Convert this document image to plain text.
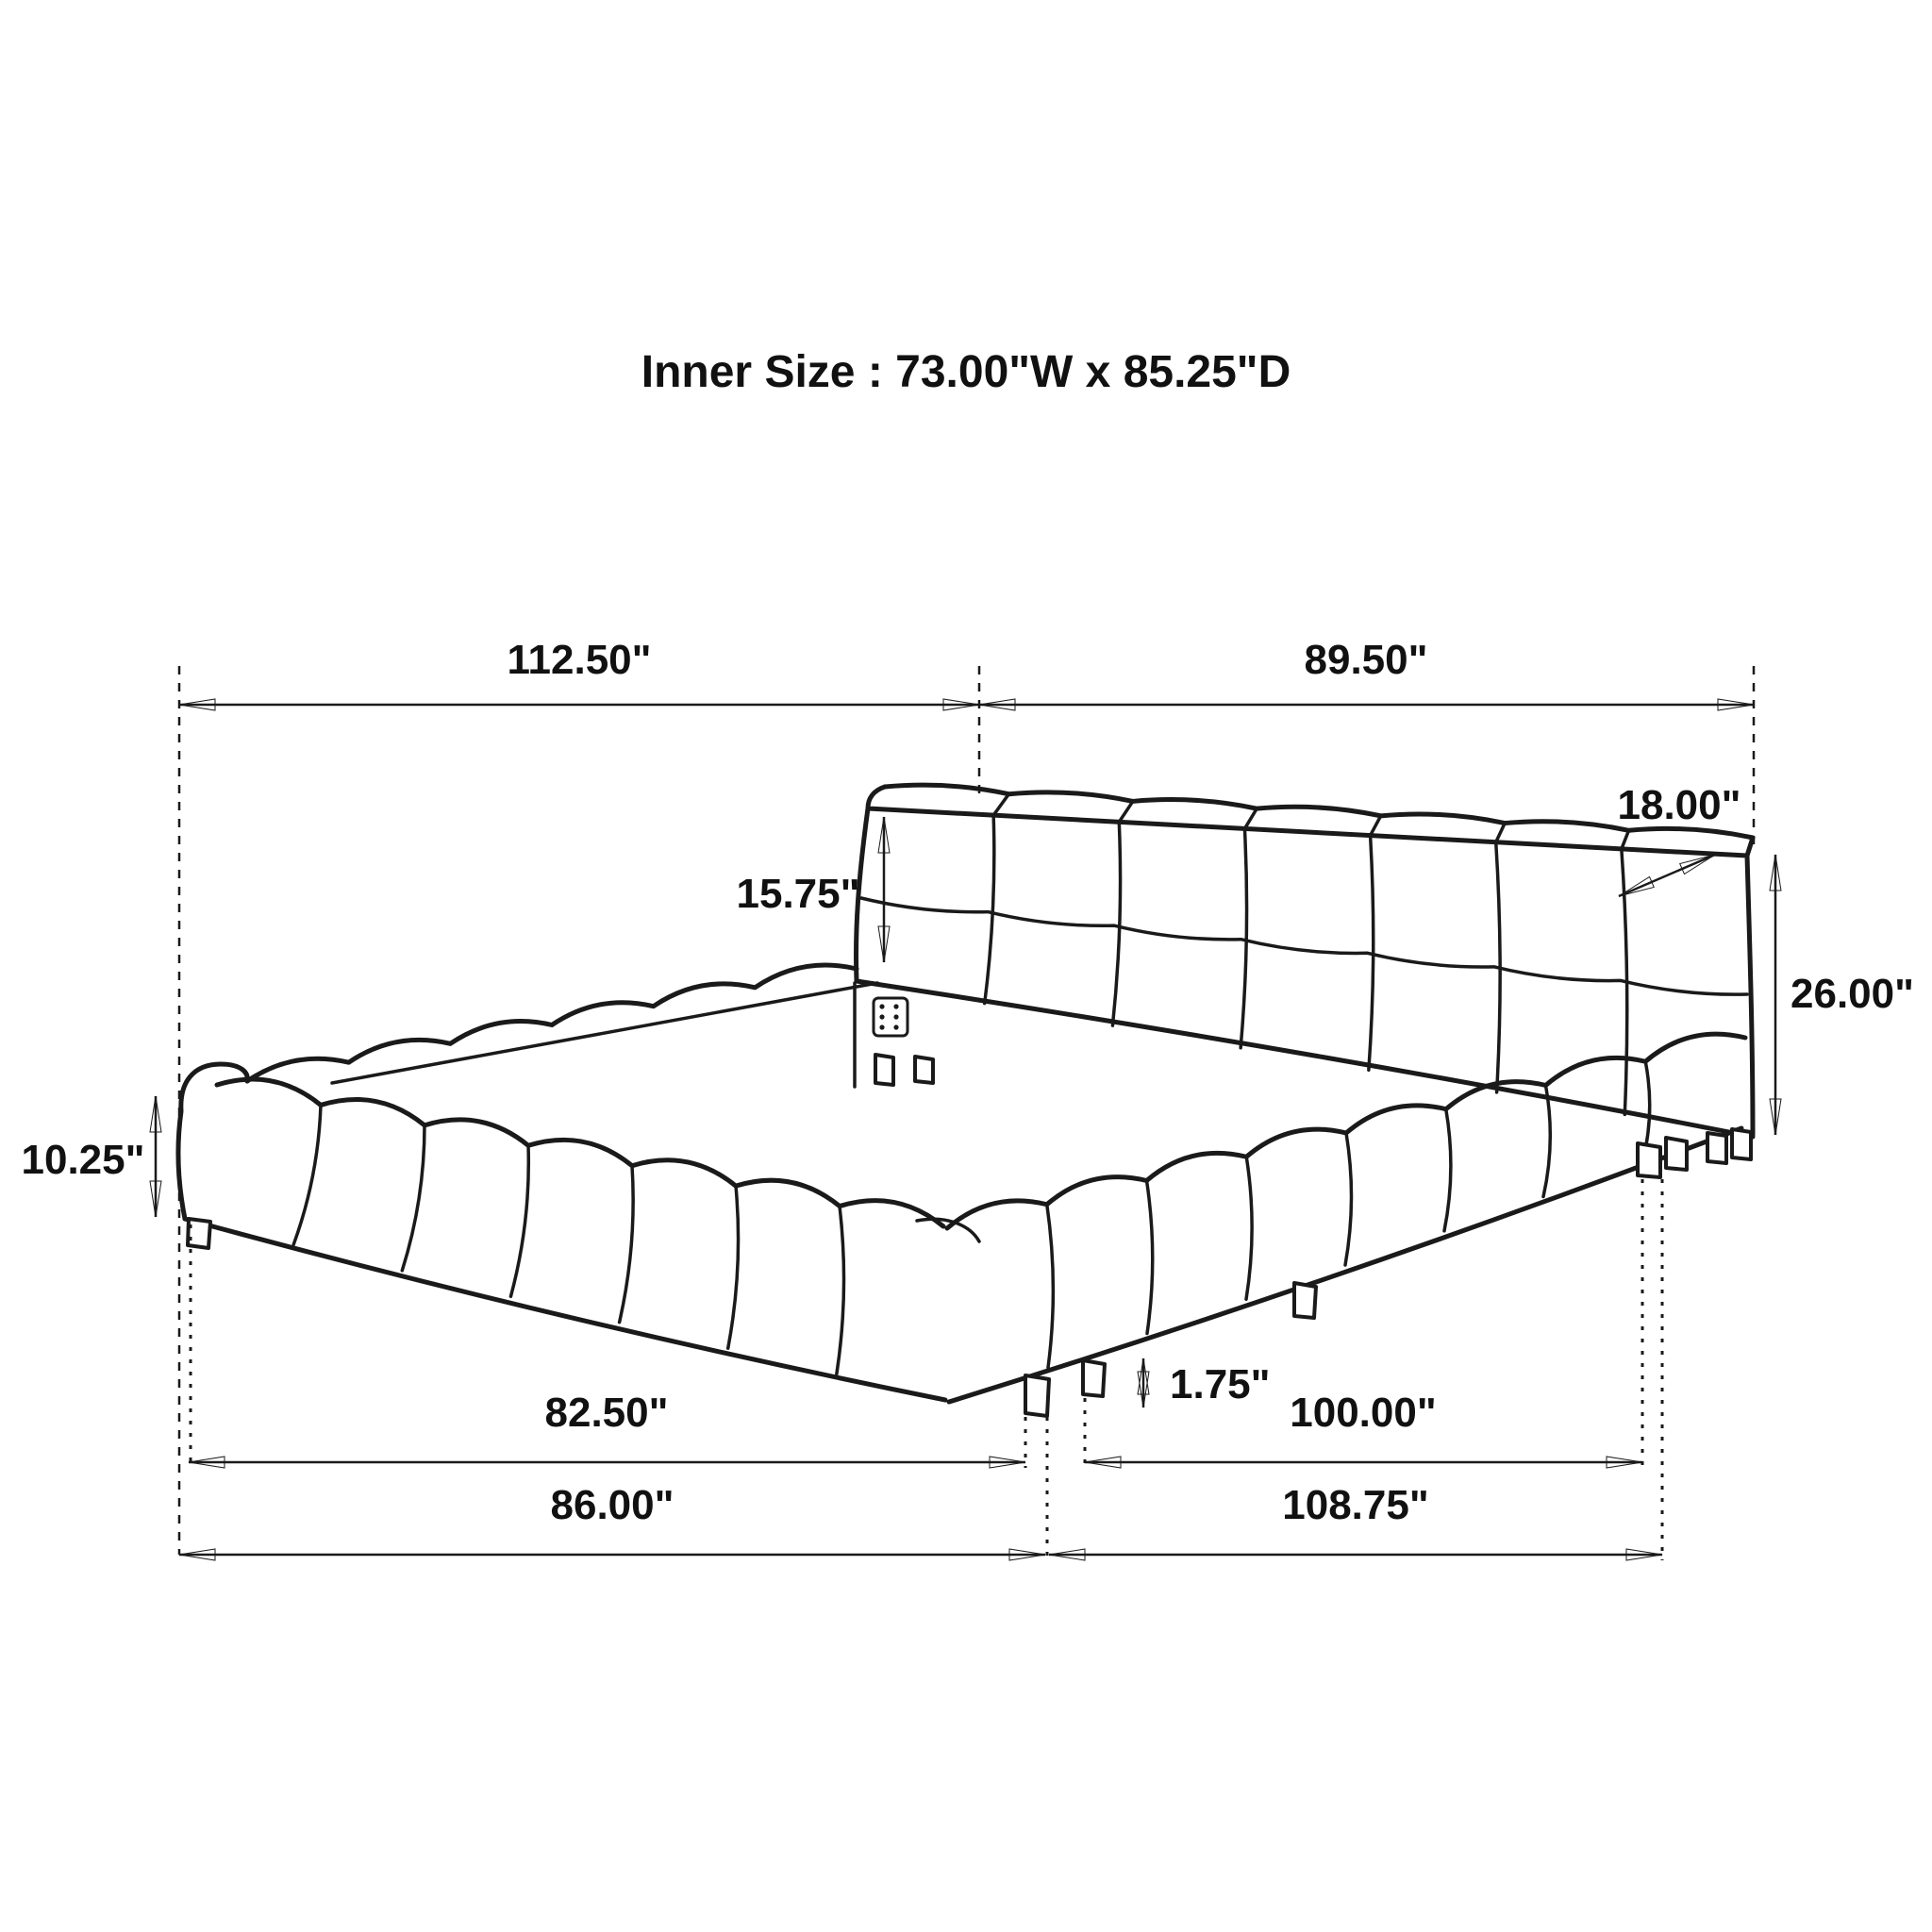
Inner Size : 73.00"W x 85.25"D
112.50"	89.50"
15.75"
18.00"
26.00"
10.25"
1.75"
82.50"	100.00"
86.00"	108.75"
